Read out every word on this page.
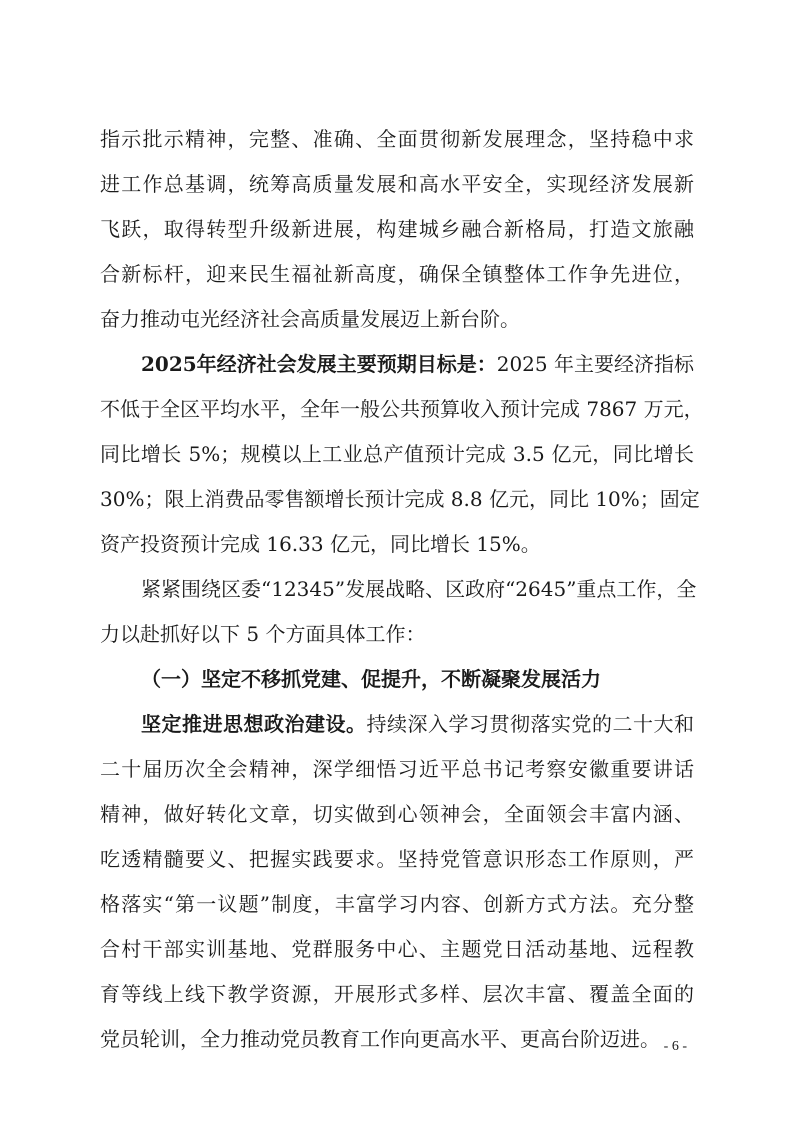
指示批示精神，完整、准确、全面贯彻新发展理念，坚持稳中求
进工作总基调，统筹高质量发展和高水平安全，实现经济发展新
飞跃，取得转型升级新进展，构建城乡融合新格局，打造文旅融
合新标杆，迎来民生福祉新高度，确保全镇整体工作争先进位，
奋力推动屯光经济社会高质量发展迈上新台阶。
2025年经济社会发展主要预期目标是：2025 年主要经济指标
不低于全区平均水平，全年一般公共预算收入预计完成 7867 万元，
同比增长 5%；规模以上工业总产值预计完成 3.5 亿元，同比增长
30%；限上消费品零售额增长预计完成 8.8 亿元，同比 10%；固定
资产投资预计完成 16.33 亿元，同比增长 15%。
紧紧围绕区委“12345”发展战略、区政府“2645”重点工作，全
力以赴抓好以下 5 个方面具体工作：
（一）坚定不移抓党建、促提升，不断凝聚发展活力
坚定推进思想政治建设。持续深入学习贯彻落实党的二十大和
二十届历次全会精神，深学细悟习近平总书记考察安徽重要讲话
精神，做好转化文章，切实做到心领神会，全面领会丰富内涵、
吃透精髓要义、把握实践要求。坚持党管意识形态工作原则，严
格落实“第一议题”制度，丰富学习内容、创新方式方法。充分整
合村干部实训基地、党群服务中心、主题党日活动基地、远程教
育等线上线下教学资源，开展形式多样、层次丰富、覆盖全面的
党员轮训，全力推动党员教育工作向更高水平、更高台阶迈进。 - 6 -
